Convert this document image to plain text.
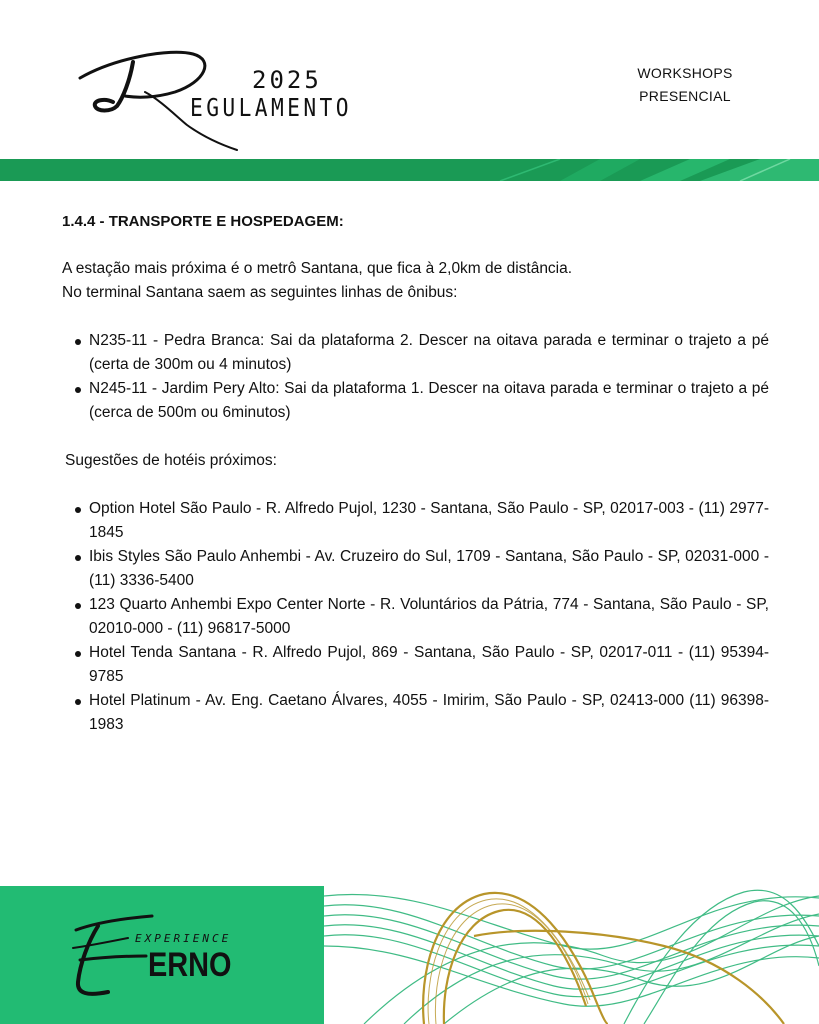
2025
EGULAMENTO
WORKSHOPS
PRESENCIAL
1.4.4 - TRANSPORTE E HOSPEDAGEM:

A estação mais próxima é o metrô Santana, que fica à 2,0km de distância.

No terminal Santana saem as seguintes linhas de ônibus:

N235-11 - Pedra Branca: Sai da plataforma 2. Descer na oitava parada e terminar o trajeto a pé (certa de 300m ou 4 minutos)
N245-11 - Jardim Pery Alto: Sai da plataforma 1. Descer na oitava parada e terminar o trajeto a pé (cerca de 500m ou 6minutos)

Sugestões de hotéis próximos:

Option Hotel São Paulo - R. Alfredo Pujol, 1230 - Santana, São Paulo - SP, 02017-003 - (11) 2977-1845
Ibis Styles São Paulo Anhembi - Av. Cruzeiro do Sul, 1709 - Santana, São Paulo - SP, 02031-000 - (11) 3336-5400
123 Quarto Anhembi Expo Center Norte - R. Voluntários da Pátria, 774 - Santana, São Paulo - SP, 02010-000 - (11) 96817-5000
Hotel Tenda Santana - R. Alfredo Pujol, 869 - Santana, São Paulo - SP, 02017-011 - (11) 95394-9785
Hotel Platinum - Av. Eng. Caetano Álvares, 4055 - Imirim, São Paulo - SP, 02413-000 (11) 96398-1983
EXPERIENCE
ERNO
